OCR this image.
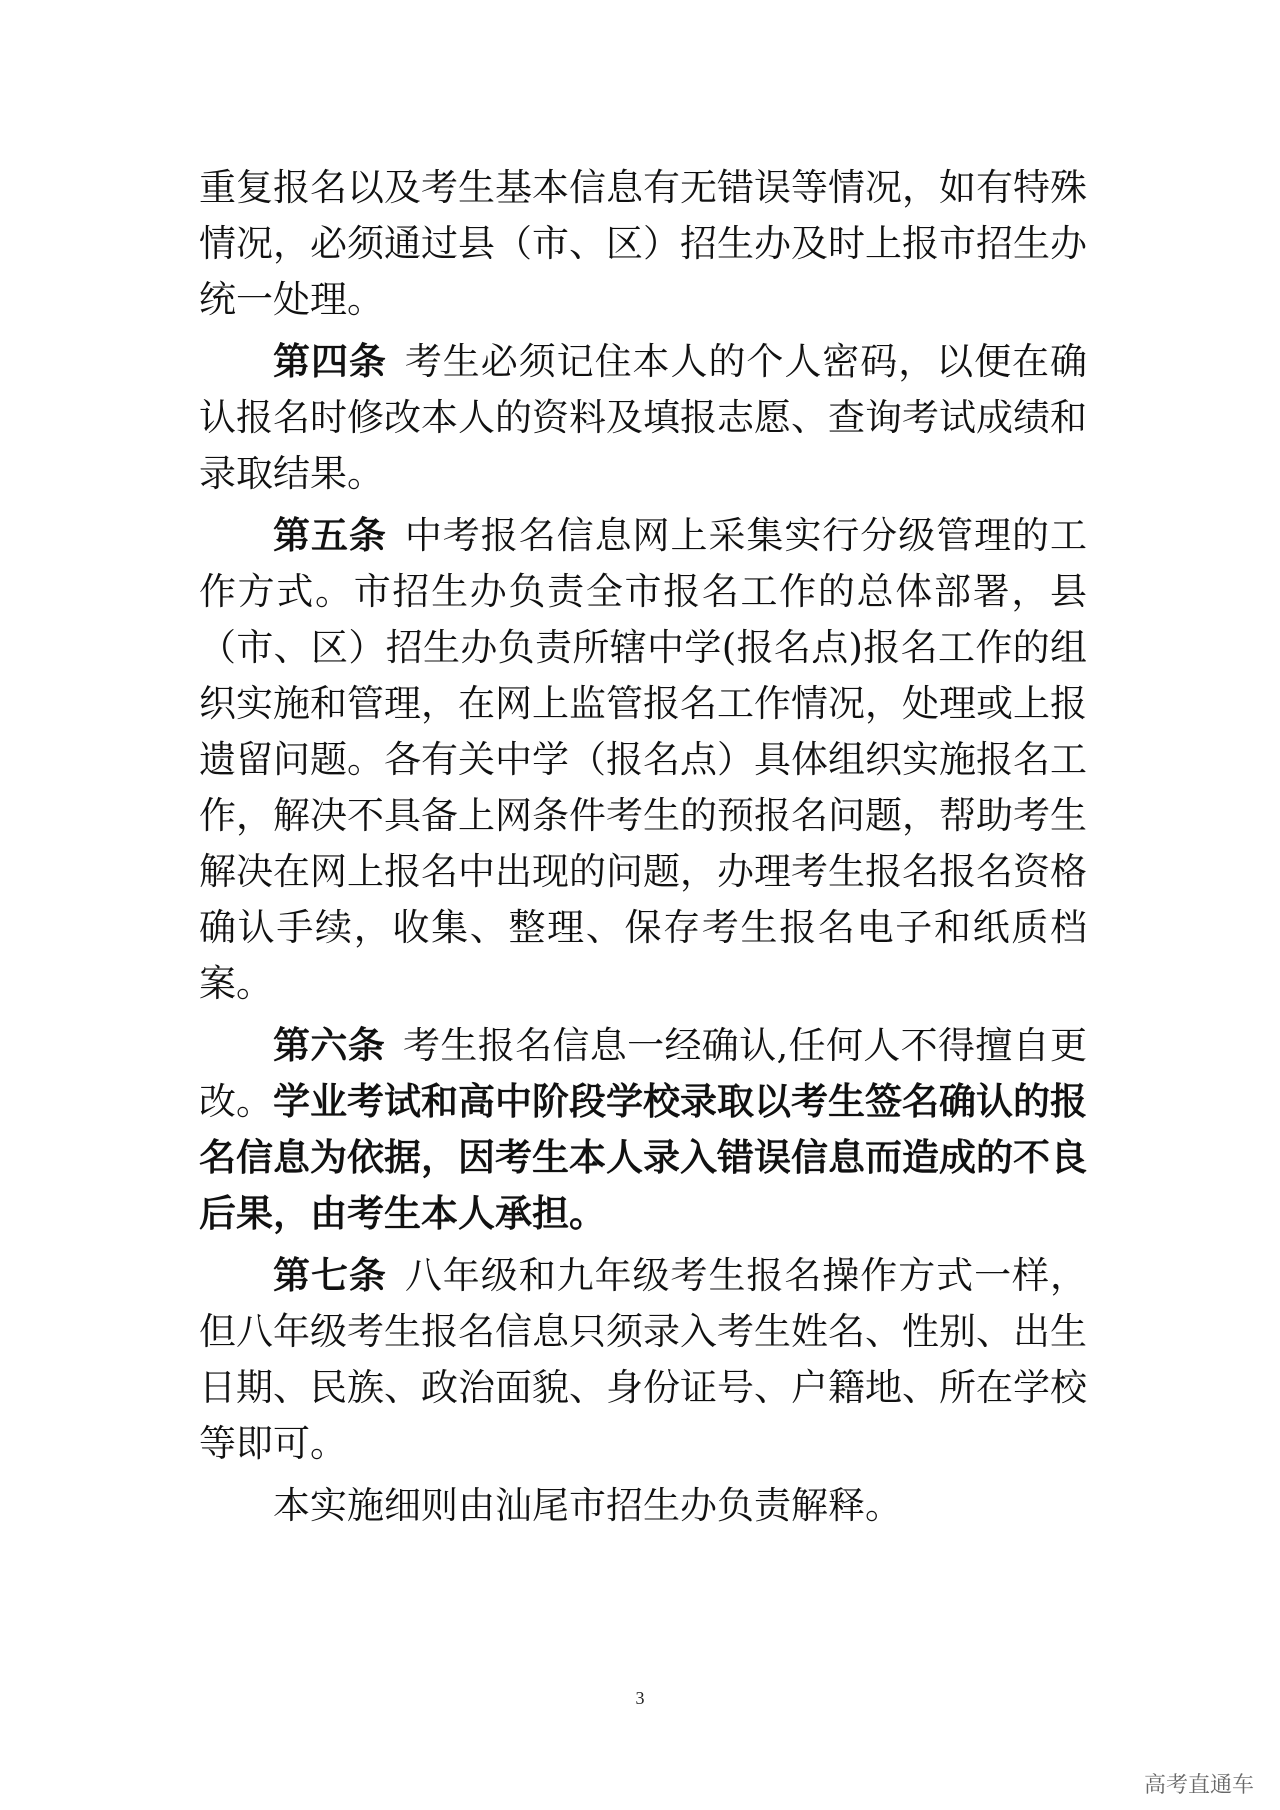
重复报名以及考生基本信息有无错误等情况，如有特殊情况，必须通过县（市、区）招生办及时上报市招生办统一处理。

第四条 考生必须记住本人的个人密码，以便在确认报名时修改本人的资料及填报志愿、查询考试成绩和录取结果。

第五条 中考报名信息网上采集实行分级管理的工作方式。市招生办负责全市报名工作的总体部署，县（市、区）招生办负责所辖中学(报名点)报名工作的组织实施和管理，在网上监管报名工作情况，处理或上报遗留问题。各有关中学（报名点）具体组织实施报名工作，解决不具备上网条件考生的预报名问题，帮助考生解决在网上报名中出现的问题，办理考生报名报名资格确认手续，收集、整理、保存考生报名电子和纸质档案。

第六条 考生报名信息一经确认,任何人不得擅自更改。学业考试和高中阶段学校录取以考生签名确认的报名信息为依据，因考生本人录入错误信息而造成的不良后果，由考生本人承担。

第七条 八年级和九年级考生报名操作方式一样，但八年级考生报名信息只须录入考生姓名、性别、出生日期、民族、政治面貌、身份证号、户籍地、所在学校等即可。

本实施细则由汕尾市招生办负责解释。

3
高考直通车
